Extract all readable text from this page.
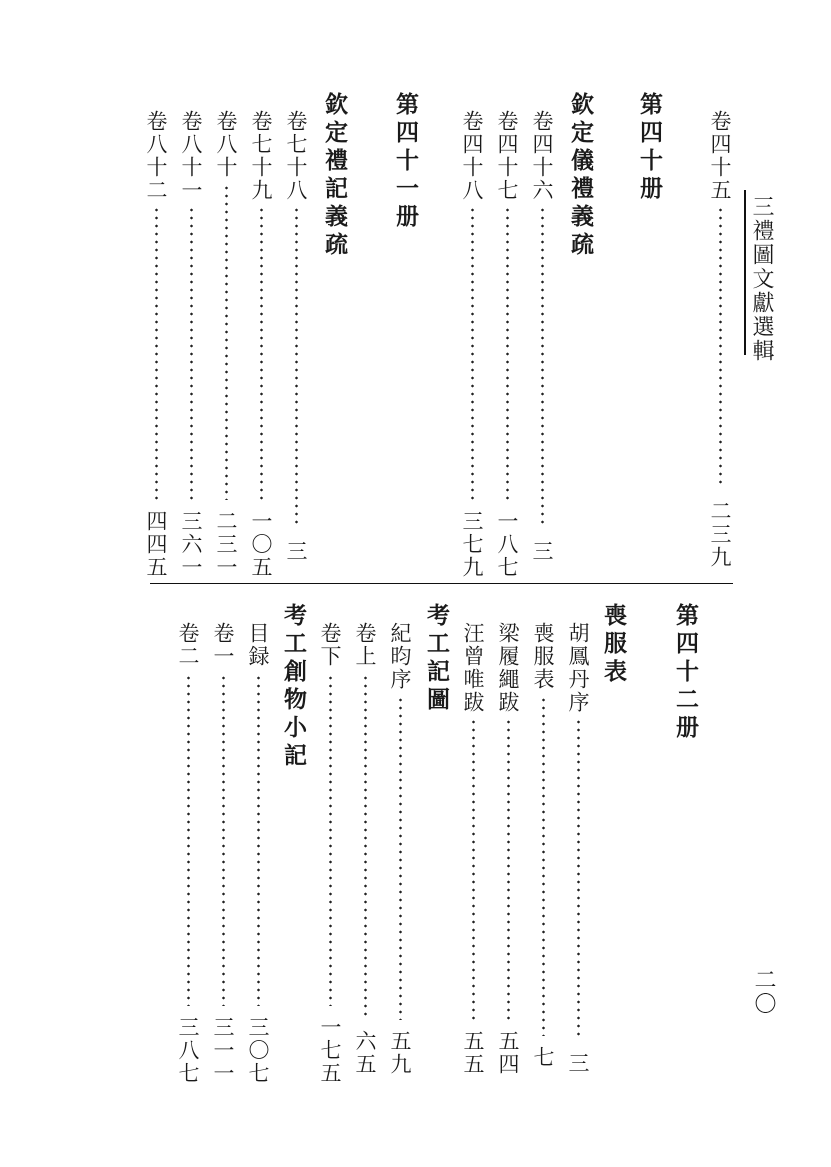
三禮圖文獻選輯
二〇
卷四十五
二三九
第四十册
欽定儀禮義疏
卷四十六
三
卷四十七
一八七
卷四十八
三七九
第四十一册
欽定禮記義疏
卷七十八
三
卷七十九
一〇五
卷八十
二三一
卷八十一
三六一
卷八十二
四四五
第四十二册
喪服表
胡鳳丹序
三
喪服表
七
梁履繩跋
五四
汪曾唯跋
五五
考工記圖
紀昀序
五九
卷上
六五
卷下
一七五
考工創物小記
目録
三〇七
卷一
三一一
卷二
三八七
